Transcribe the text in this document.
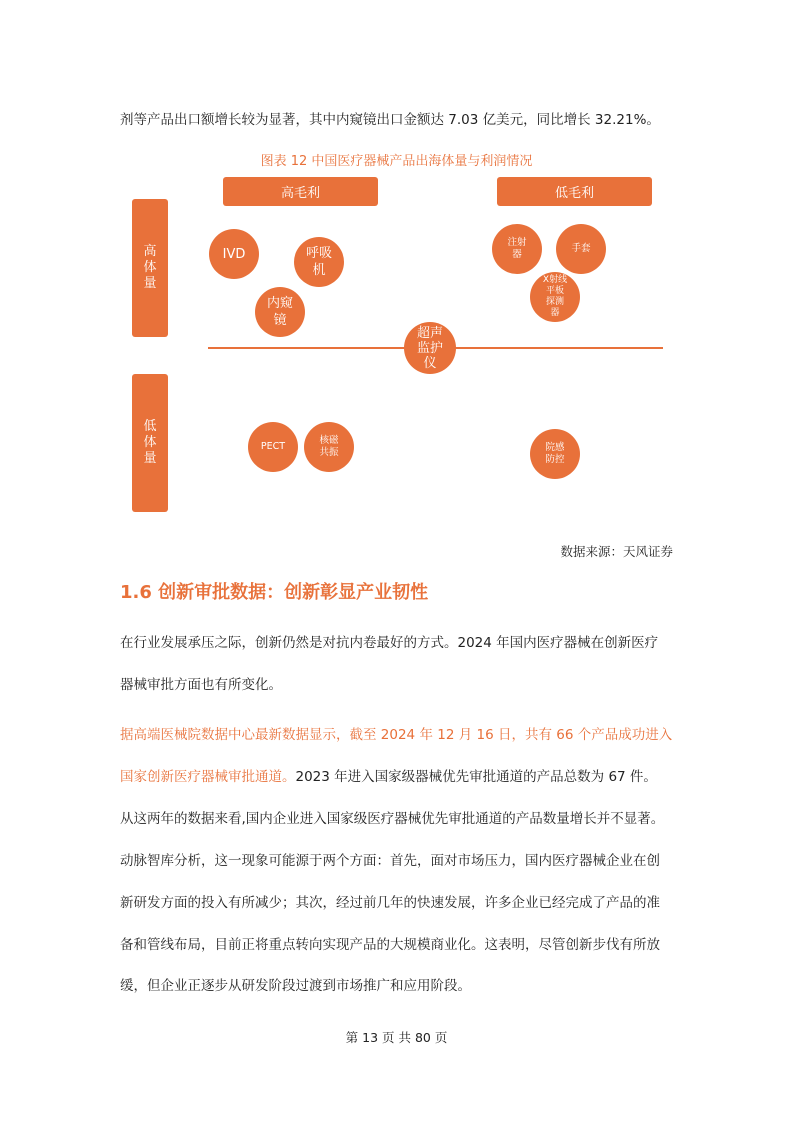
剂等产品出口额增长较为显著，其中内窥镜出口金额达 7.03 亿美元，同比增长 32.21%。
图表 12 中国医疗器械产品出海体量与利润情况
高毛利	低毛利
高
体
量
低
体
量
IVD	呼吸
机
内窥
镜
超声
监护
仪
注射
器
手套
X射线
平板
探测
器
PECT
核磁
共振	院感
防控
数据来源：天风证券
1.6 创新审批数据：创新彰显产业韧性
在行业发展承压之际，创新仍然是对抗内卷最好的方式。2024 年国内医疗器械在创新医疗
器械审批方面也有所变化。
据高端医械院数据中心最新数据显示，截至 2024 年 12 月 16 日，共有 66 个产品成功进入
国家创新医疗器械审批通道。2023 年进入国家级器械优先审批通道的产品总数为 67 件。
从这两年的数据来看,国内企业进入国家级医疗器械优先审批通道的产品数量增长并不显著。
动脉智库分析，这一现象可能源于两个方面：首先，面对市场压力，国内医疗器械企业在创
新研发方面的投入有所减少；其次，经过前几年的快速发展，许多企业已经完成了产品的准
备和管线布局，目前正将重点转向实现产品的大规模商业化。这表明，尽管创新步伐有所放
缓，但企业正逐步从研发阶段过渡到市场推广和应用阶段。
第 13 页 共 80 页
